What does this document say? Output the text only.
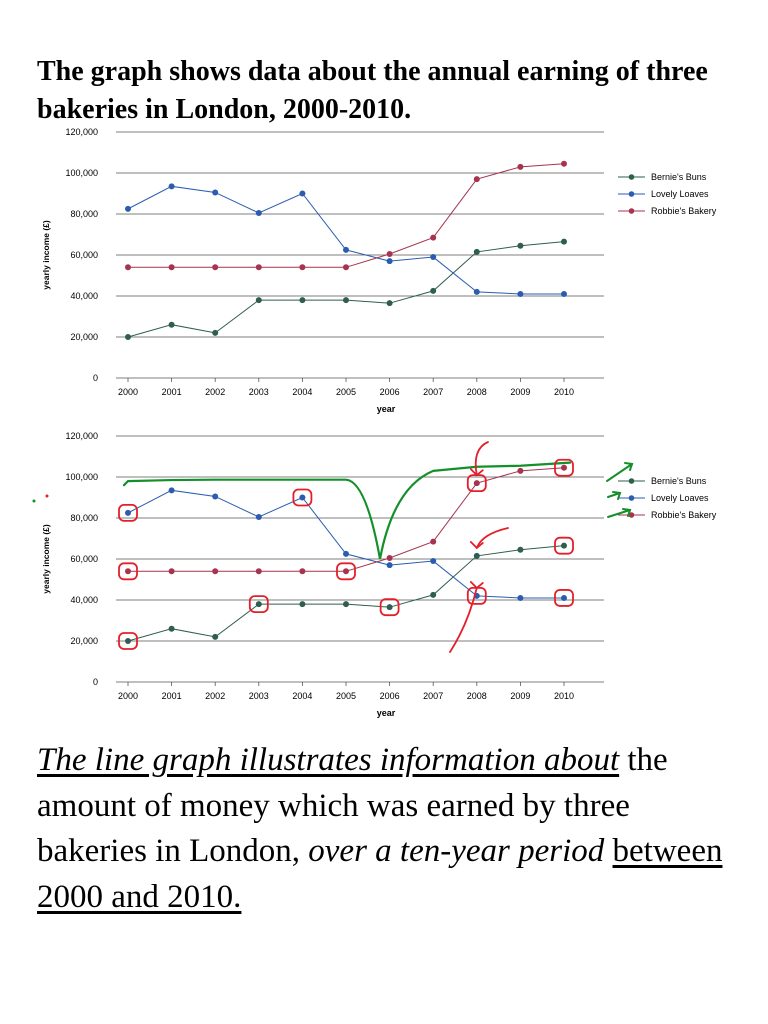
The graph shows data about the annual earning of three bakeries in London, 2000-2010.
0
20,000
40,000
60,000
80,000
100,000
120,000
2000	2001	2002	2003	2004	2005	2006	2007	2008	2009	2010
year
yearly income (£)
Bernie's Buns
Lovely Loaves
Robbie's Bakery
0
20,000
40,000
60,000
80,000
100,000
120,000
2000	2001	2002	2003	2004	2005	2006	2007	2008	2009	2010
year
yearly income (£)
Bernie's Buns
Lovely Loaves
Robbie's Bakery

The line graph illustrates information about the amount of money which was earned by three bakeries in London, over a ten-year period between 2000 and 2010.
